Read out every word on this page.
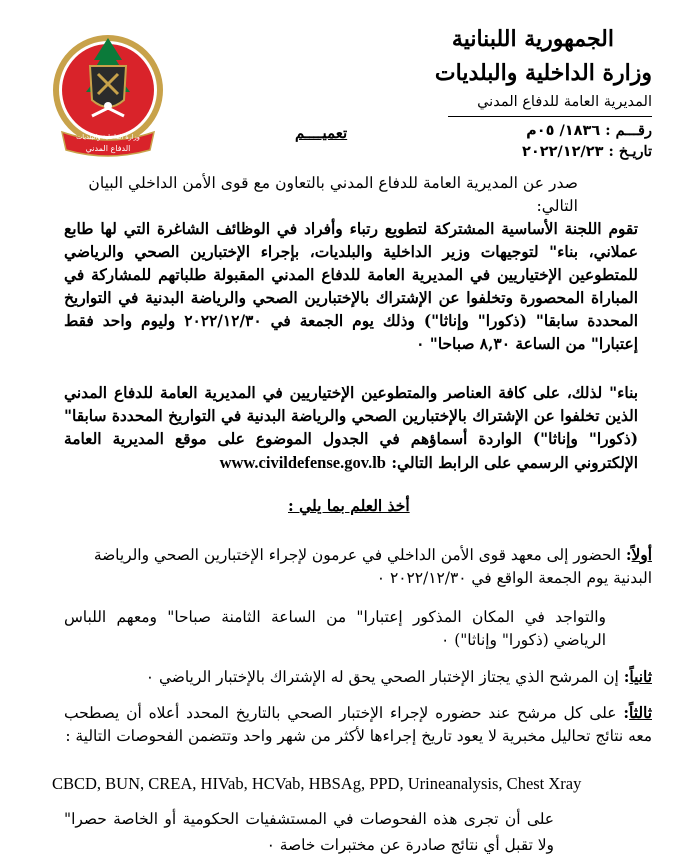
الدفاع المدني
وزارة الداخلية والبلديات
الجمهورية اللبنانية
وزارة الداخلية والبلديات
المديرية العامة للدفاع المدني
رقـــم : ١٨٣٦/ ٠٥م
تاريـخ : ٢٠٢٢/١٢/٢٣
تعميــــم
صدر عن المديرية العامة للدفاع المدني بالتعاون مع قوى الأمن الداخلي البيان التالي:
تقوم اللجنة الأساسية المشتركة لتطويع رتباء وأفراد في الوظائف الشاغرة التي لها طابع عملاني، بناء" لتوجيهات وزير الداخلية والبلديات، بإجراء الإختبارين الصحي والرياضي للمتطوعين الإختياريين في المديرية العامة للدفاع المدني المقبولة طلباتهم للمشاركة في المباراة المحصورة وتخلفوا عن الإشتراك بالإختبارين الصحي والرياضة البدنية في التواريخ المحددة سابقا" (ذكورا" وإناثا") وذلك يوم الجمعة في ٢٠٢٢/١٢/٣٠ وليوم واحد فقط إعتبارا" من الساعة ٨,٣٠ صباحا" ٠
بناء" لذلك، على كافة العناصر والمتطوعين الإختياريين في المديرية العامة للدفاع المدني الذين تخلفوا عن الإشتراك بالإختبارين الصحي والرياضة البدنية في التواريخ المحددة سابقا" (ذكورا" وإناثا") الواردة أسماؤهم في الجدول الموضوع على موقع المديرية العامة الإلكتروني الرسمي على الرابط التالي: www.civildefense.gov.lb
أخذ العلم بما يلي :
أولاً: الحضور إلى معهد قوى الأمن الداخلي في عرمون لإجراء الإختبارين الصحي والرياضة البدنية يوم الجمعة الواقع في ٢٠٢٢/١٢/٣٠ ٠
والتواجد في المكان المذكور إعتبارا" من الساعة الثامنة صباحا" ومعهم اللباس الرياضي (ذكورا" وإناثا") ٠
ثانياً: إن المرشح الذي يجتاز الإختبار الصحي يحق له الإشتراك بالإختبار الرياضي ٠
ثالثاً: على كل مرشح عند حضوره لإجراء الإختبار الصحي بالتاريخ المحدد أعلاه أن يصطحب معه نتائج تحاليل مخبرية لا يعود تاريخ إجراءها لأكثر من شهر واحد وتتضمن الفحوصات التالية :
CBCD, BUN, CREA, HIVab, HCVab, HBSAg, PPD, Urineanalysis, Chest Xray
على أن تجرى هذه الفحوصات في المستشفيات الحكومية أو الخاصة حصرا" ولا تقبل أي نتائج صادرة عن مختبرات خاصة ٠
